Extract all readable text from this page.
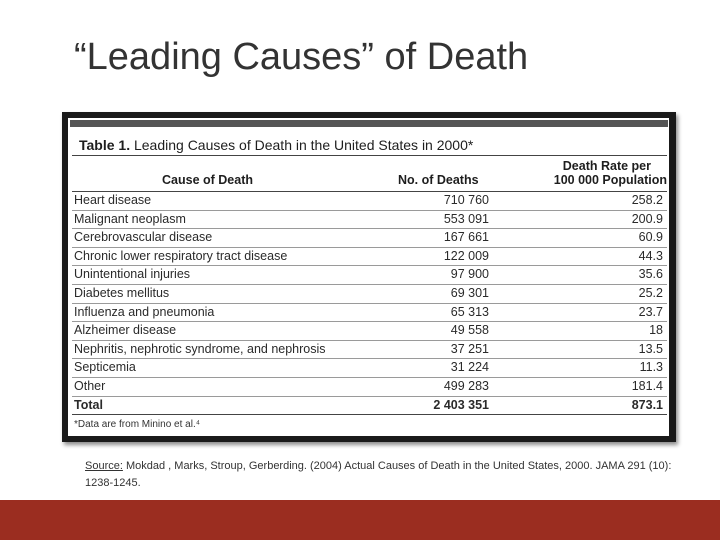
“Leading Causes” of Death
Table 1. Leading Causes of Death in the United States in 2000*
Cause of Death	No. of Deaths
Death Rate per
100 000 Population
Heart disease	710 760	258.2
Malignant neoplasm	553 091	200.9
Cerebrovascular disease	167 661	60.9
Chronic lower respiratory tract disease	122 009	44.3
Unintentional injuries	97 900	35.6
Diabetes mellitus	69 301	25.2
Influenza and pneumonia	65 313	23.7
Alzheimer disease	49 558	18
Nephritis, nephrotic syndrome, and nephrosis	37 251	13.5
Septicemia	31 224	11.3
Other	499 283	181.4
Total	2 403 351	873.1
*Data are from Minino et al.⁴
Source: Mokdad , Marks, Stroup, Gerberding. (2004) Actual Causes of Death in the United States, 2000. JAMA 291 (10): 1238-1245.
